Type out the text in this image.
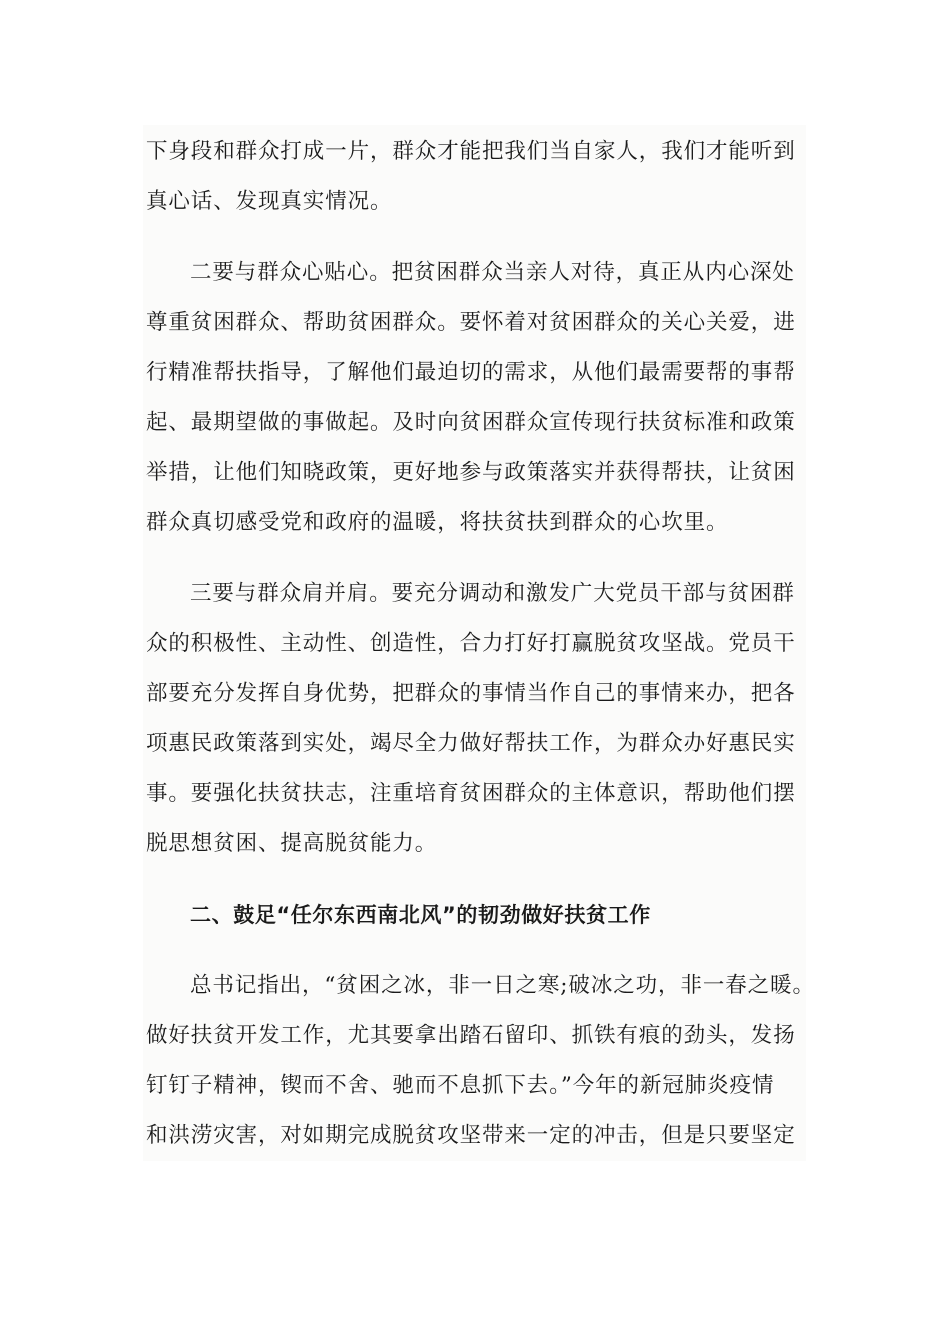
下身段和群众打成一片，群众才能把我们当自家人，我们才能听到
真心话、发现真实情况。
二要与群众心贴心。把贫困群众当亲人对待，真正从内心深处
尊重贫困群众、帮助贫困群众。要怀着对贫困群众的关心关爱，进
行精准帮扶指导，了解他们最迫切的需求，从他们最需要帮的事帮
起、最期望做的事做起。及时向贫困群众宣传现行扶贫标准和政策
举措，让他们知晓政策，更好地参与政策落实并获得帮扶，让贫困
群众真切感受党和政府的温暖，将扶贫扶到群众的心坎里。
三要与群众肩并肩。要充分调动和激发广大党员干部与贫困群
众的积极性、主动性、创造性，合力打好打赢脱贫攻坚战。党员干
部要充分发挥自身优势，把群众的事情当作自己的事情来办，把各
项惠民政策落到实处，竭尽全力做好帮扶工作，为群众办好惠民实
事。要强化扶贫扶志，注重培育贫困群众的主体意识，帮助他们摆
脱思想贫困、提高脱贫能力。
二、鼓足“任尔东西南北风”的韧劲做好扶贫工作
总书记指出，“贫困之冰，非一日之寒;破冰之功，非一春之暖。
做好扶贫开发工作，尤其要拿出踏石留印、抓铁有痕的劲头，发扬
钉钉子精神，锲而不舍、驰而不息抓下去。”今年的新冠肺炎疫情
和洪涝灾害，对如期完成脱贫攻坚带来一定的冲击，但是只要坚定
